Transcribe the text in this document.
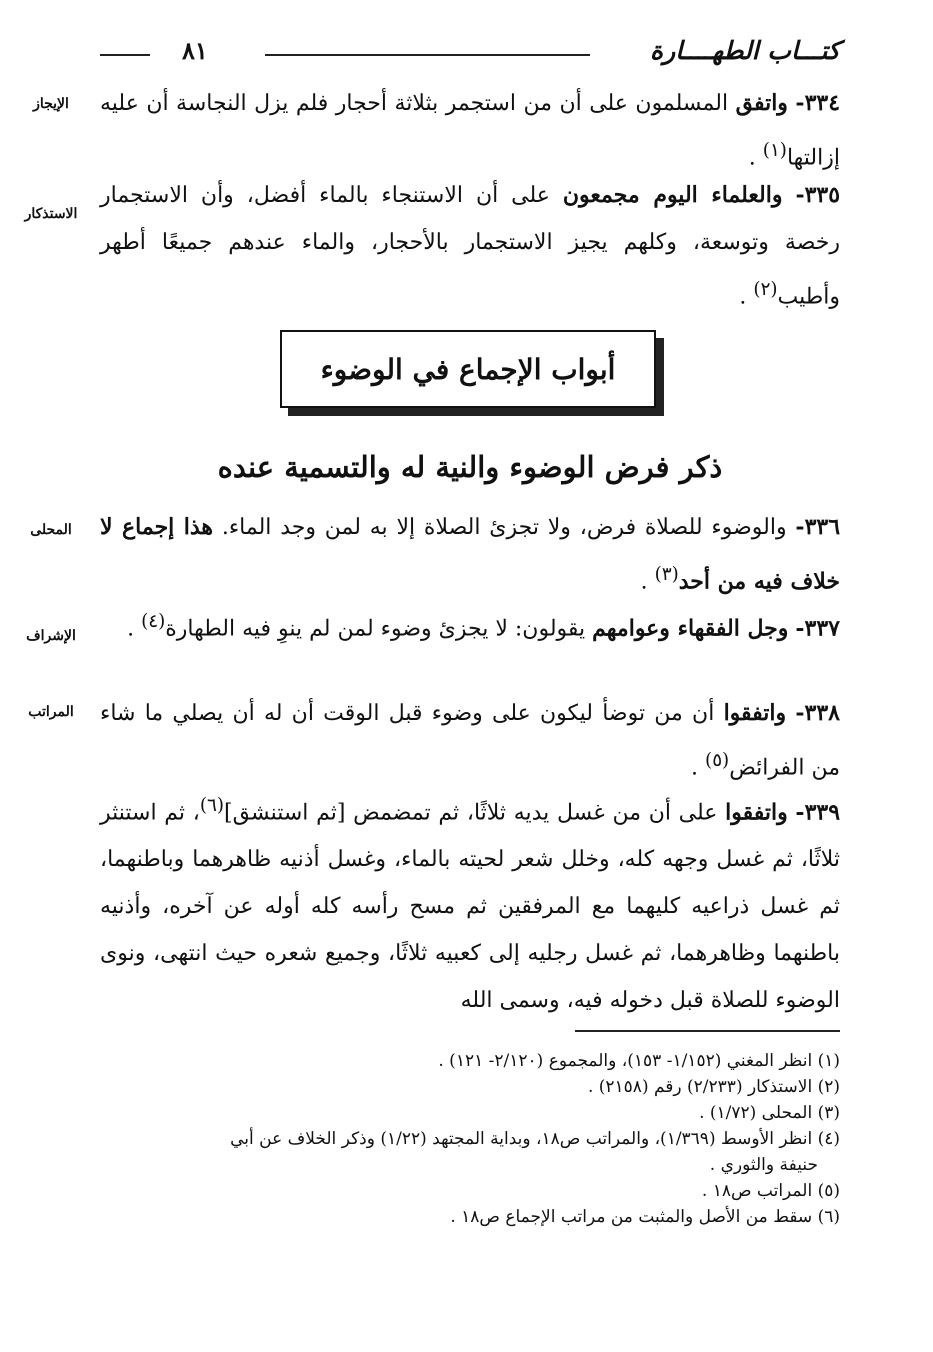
كتـــاب الطهــــارة
٨١
الإيجاز	٣٣٤- واتفق المسلمون على أن من استجمر بثلاثة أحجار فلم يزل النجاسة أن عليه إزالتها$^{(١)}$ .
الاستذكار
٣٣٥- والعلماء اليوم مجمعون على أن الاستنجاء بالماء أفضل، وأن الاستجمار رخصة وتوسعة، وكلهم يجيز الاستجمار بالأحجار، والماء عندهم جميعًا أطهر وأطيب$^{(٢)}$ .
أبواب الإجماع في الوضوء
ذكر فرض الوضوء والنية له والتسمية عنده
المحلى	٣٣٦- والوضوء للصلاة فرض، ولا تجزئ الصلاة إلا به لمن وجد الماء. هذا إجماع لا خلاف فيه من أحد$^{(٣)}$ .
الإشراف	٣٣٧- وجل الفقهاء وعوامهم يقولون: لا يجزئ وضوء لمن لم ينوِ فيه الطهارة$^{(٤)}$ .
المراتب	٣٣٨- واتفقوا أن من توضأ ليكون على وضوء قبل الوقت أن له أن يصلي ما شاء من الفرائض$^{(٥)}$ .
٣٣٩- واتفقوا على أن من غسل يديه ثلاثًا، ثم تمضمض [ثم استنشق]$^{(٦)}$، ثم استنثر ثلاثًا، ثم غسل وجهه كله، وخلل شعر لحيته بالماء، وغسل أذنيه ظاهرهما وباطنهما، ثم غسل ذراعيه كليهما مع المرفقين ثم مسح رأسه كله أوله عن آخره، وأذنيه باطنهما وظاهرهما، ثم غسل رجليه إلى كعبيه ثلاثًا، وجميع شعره حيث انتهى، ونوى الوضوء للصلاة قبل دخوله فيه، وسمى الله
(١) انظر المغني (١/١٥٢- ١٥٣)، والمجموع (٢/١٢٠- ١٢١) .
(٢) الاستذكار (٢/٢٣٣) رقم (٢١٥٨) .
(٣) المحلى (١/٧٢) .
(٤) انظر الأوسط (١/٣٦٩)، والمراتب ص١٨، وبداية المجتهد (١/٢٢) وذكر الخلاف عن أبي
حنيفة والثوري .
(٥) المراتب ص١٨ .
(٦) سقط من الأصل والمثبت من مراتب الإجماع ص١٨ .
